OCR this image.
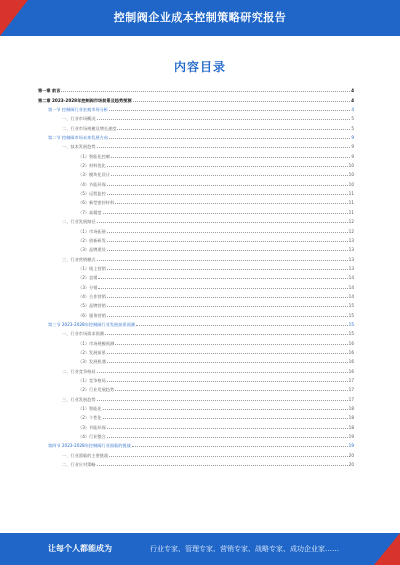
控制阀企业成本控制策略研究报告
内容目录
第一章 前言	4
第二章 2023-2028年控制阀市场前景及趋势预测	4
第一节 控制阀行业宏观市场分析	4
一、行业市场概况	5
二、行业市场规模及增长速度	5
第二节 控制阀市场未来发展方向	9
一、技术发展趋势	9
（1）智能化控制	9
（2）材料优化	10
（3）模块化设计	10
（4）节能环保	10
（5）远程监控	11
（6）新型密封材料	11
（7）高精度	11
二、行业发展路径	12
（1）市场拓展	12
（2）创新研发	13
（3）品牌建设	13
三、行业营销模式	13
（1）线上营销	13
（2）直销	14
（3）分销	14
（4）合作营销	14
（5）品牌营销	15
（6）服务营销	15
第三节 2023-2028年控制阀行业发展前景预测	15
一、行业市场需求预测	15
（1）市场规模预测	16
（2）发展前景	16
（3）发展机遇	16
二、行业竞争格局	16
（1）竞争格局	17
（2）行业发展趋势	17
三、行业发展趋势	17
（1）智能化	18
（2）个性化	18
（3）节能环保	18
（4）行业整合	19
第四节 2023-2028年控制阀行业面临的挑战	19
一、行业面临的主要挑战	20
二、行业应对策略	20
让每个人都能成为	行业专家、管理专家、营销专家、战略专家、成功企业家……
